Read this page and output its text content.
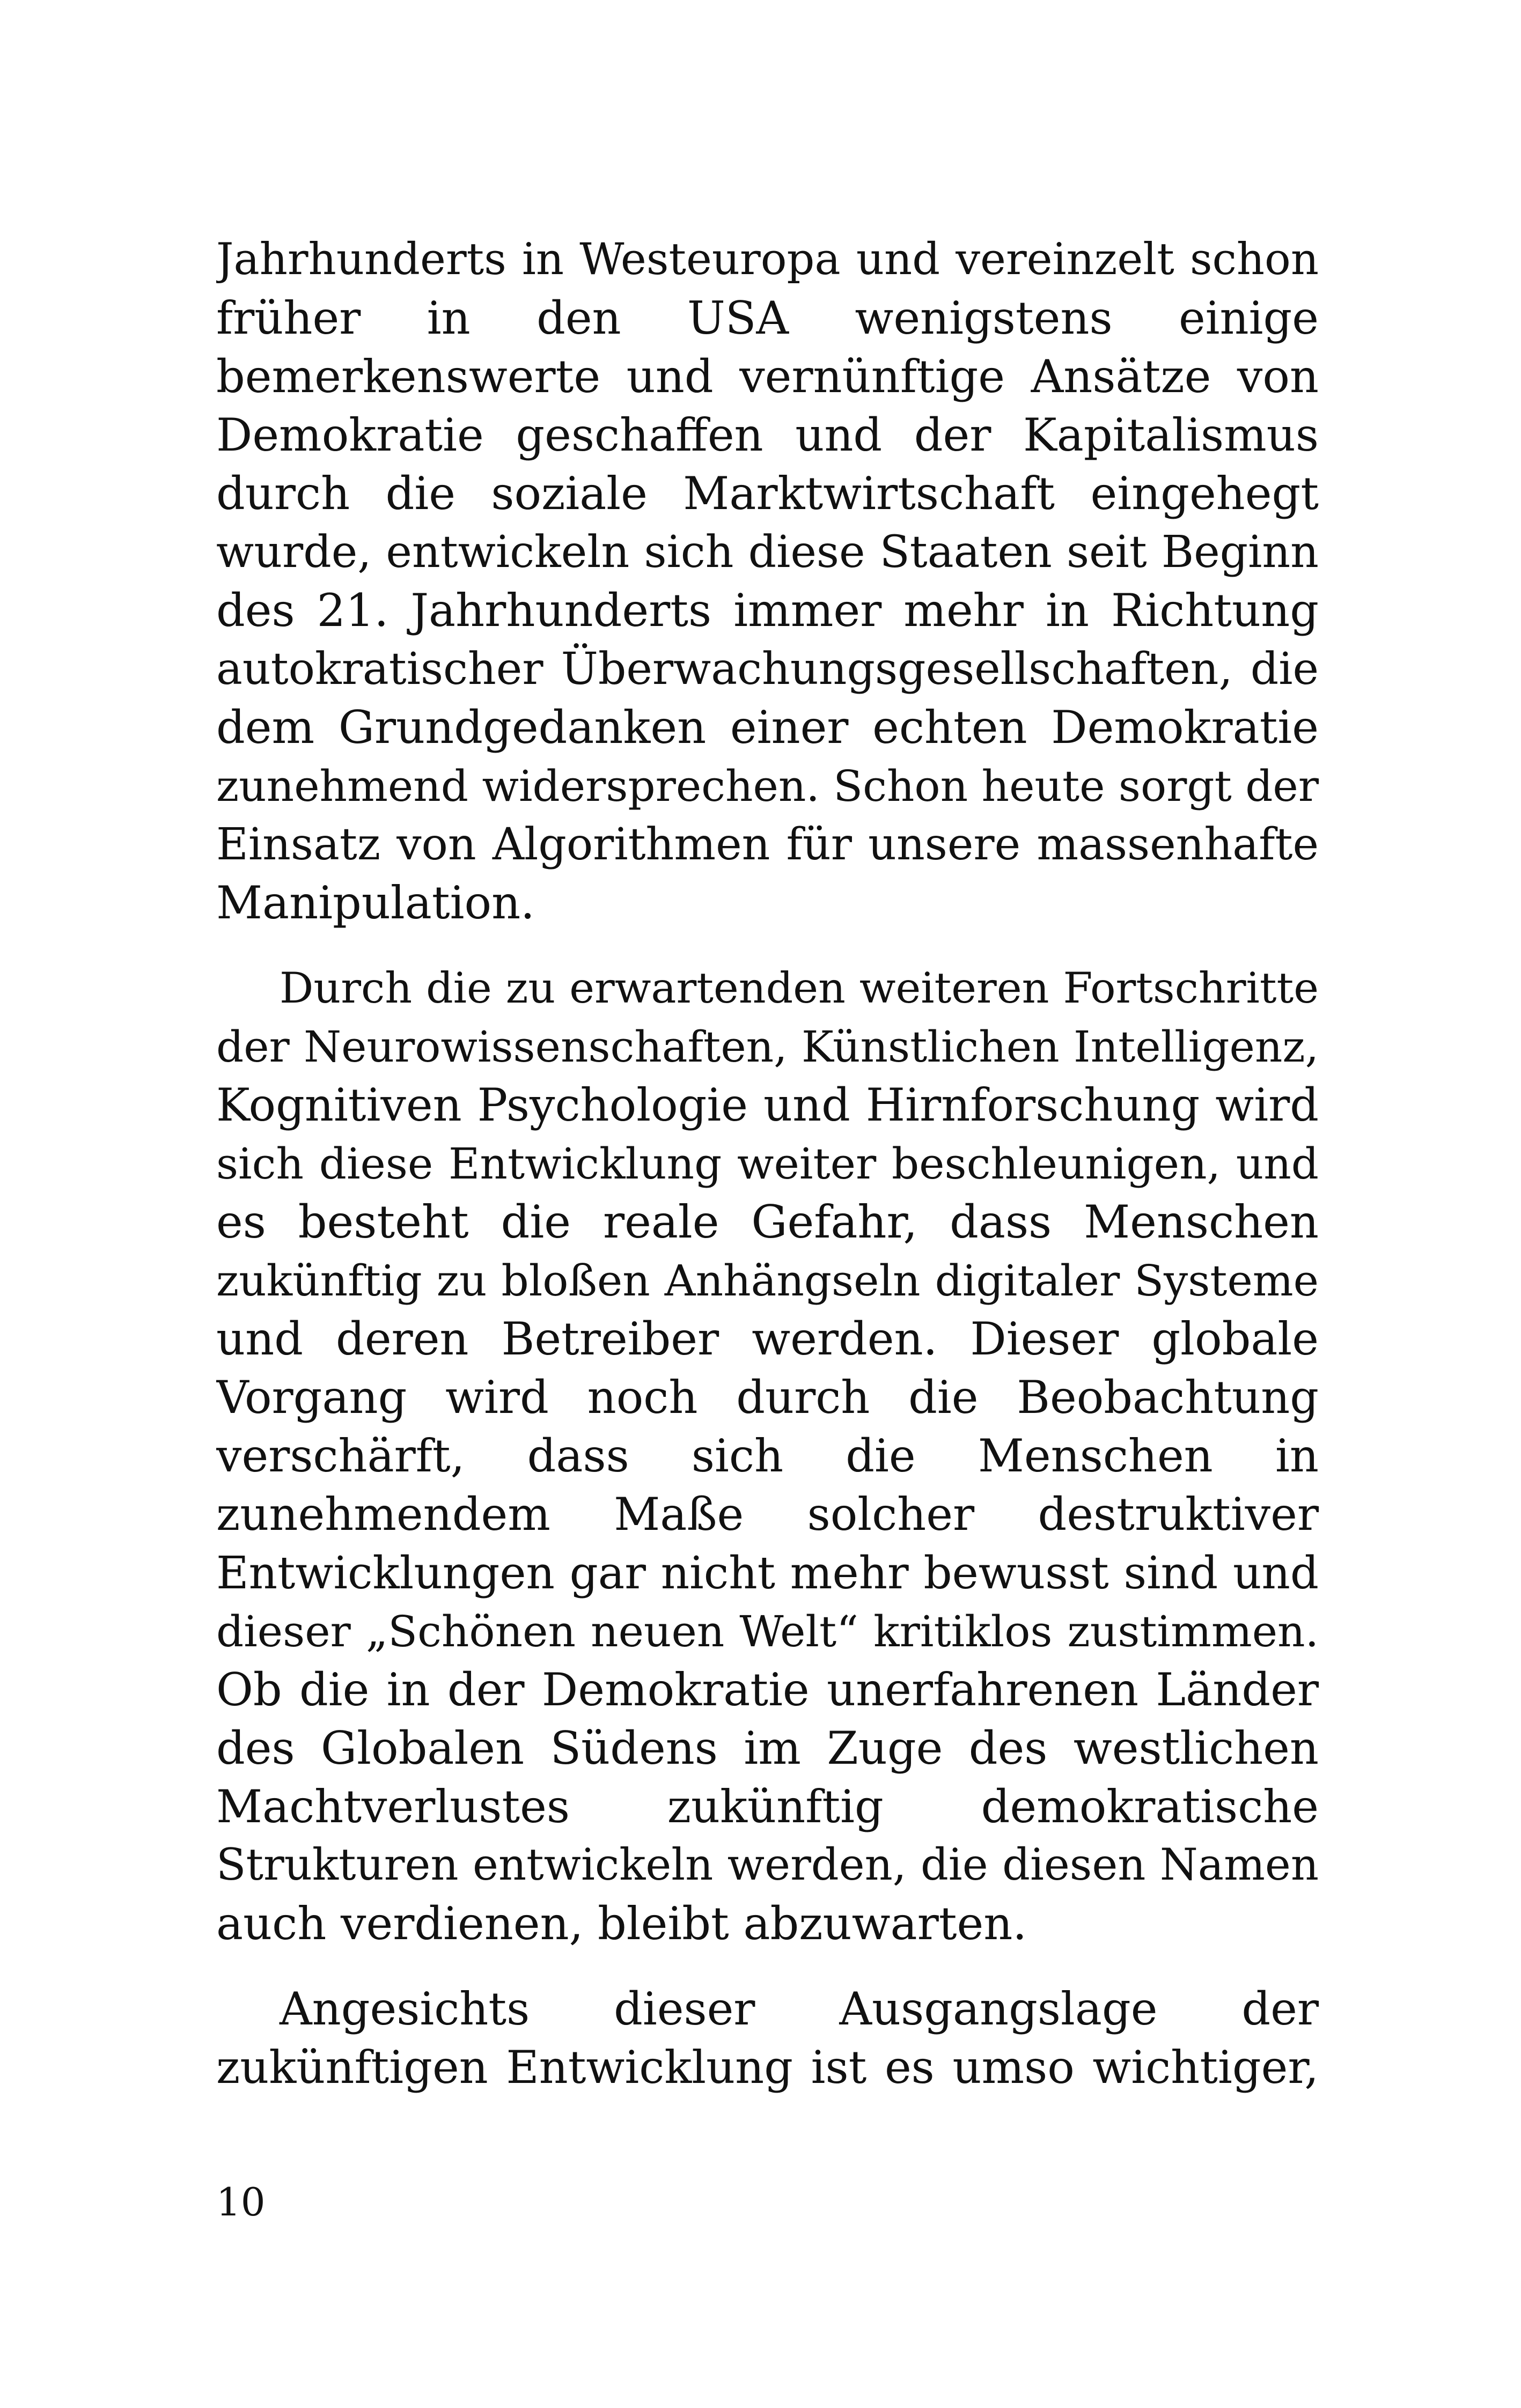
Jahrhunderts in Westeuropa und vereinzelt schon
früher in den USA wenigstens einige
bemerkenswerte und vernünftige Ansätze von
Demokratie geschaffen und der Kapitalismus
durch die soziale Marktwirtschaft eingehegt
wurde, entwickeln sich diese Staaten seit Beginn
des 21. Jahrhunderts immer mehr in Richtung
autokratischer Überwachungsgesellschaften, die
dem Grundgedanken einer echten Demokratie
zunehmend widersprechen. Schon heute sorgt der
Einsatz von Algorithmen für unsere massenhafte
Manipulation.
Durch die zu erwartenden weiteren Fortschritte
der Neurowissenschaften, Künstlichen Intelligenz,
Kognitiven Psychologie und Hirnforschung wird
sich diese Entwicklung weiter beschleunigen, und
es besteht die reale Gefahr, dass Menschen
zukünftig zu bloßen Anhängseln digitaler Systeme
und deren Betreiber werden. Dieser globale
Vorgang wird noch durch die Beobachtung
verschärft, dass sich die Menschen in
zunehmendem Maße solcher destruktiver
Entwicklungen gar nicht mehr bewusst sind und
dieser „Schönen neuen Welt“ kritiklos zustimmen.
Ob die in der Demokratie unerfahrenen Länder
des Globalen Südens im Zuge des westlichen
Machtverlustes zukünftig demokratische
Strukturen entwickeln werden, die diesen Namen
auch verdienen, bleibt abzuwarten.
Angesichts dieser Ausgangslage der
zukünftigen Entwicklung ist es umso wichtiger,
10
